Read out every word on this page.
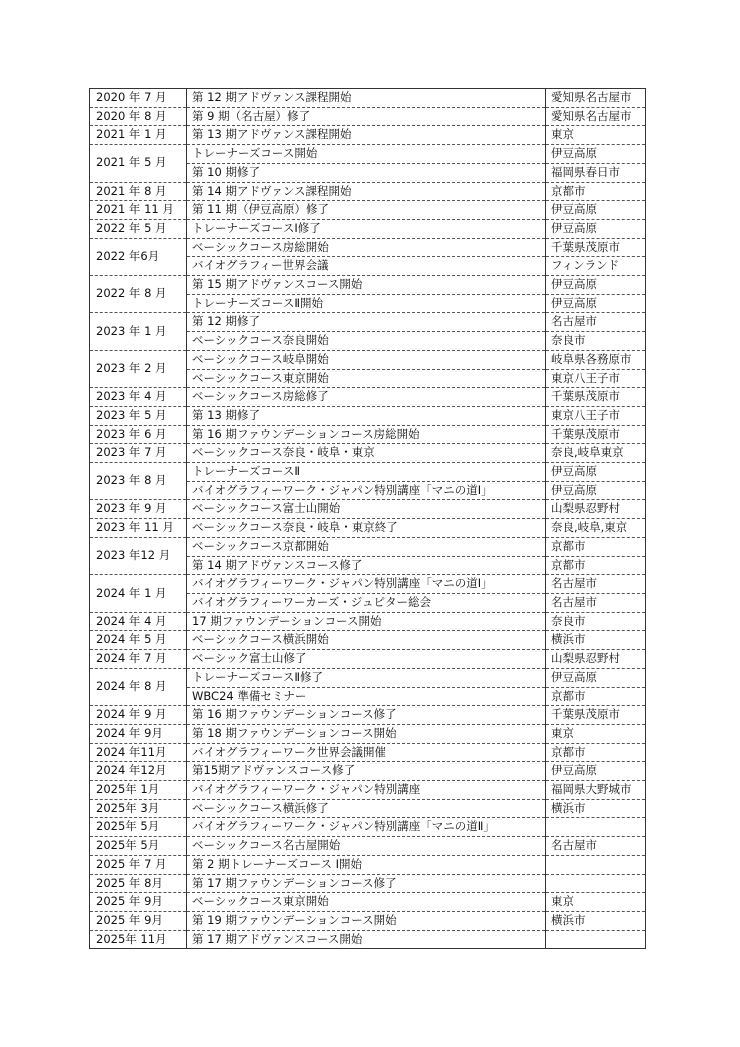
2020 年 7 月	第 12 期アドヴァンス課程開始	愛知県名古屋市
2020 年 8 月	第 9 期（名古屋）修了	愛知県名古屋市
2021 年 1 月	第 13 期アドヴァンス課程開始	東京
2021 年 5 月	トレーナーズコース開始	伊豆高原
	第 10 期修了	福岡県春日市
2021 年 8 月	第 14 期アドヴァンス課程開始	京都市
2021 年 11 月	第 11 期（伊豆高原）修了	伊豆高原
2022 年 5 月	トレーナーズコースⅠ修了	伊豆高原
2022 年6月	ベーシックコース房総開始	千葉県茂原市
	バイオグラフィー世界会議	フィンランド
2022 年 8 月	第 15 期アドヴァンスコース開始	伊豆高原
	トレーナーズコースⅡ開始	伊豆高原
2023 年 1 月	第 12 期修了	名古屋市
	ベーシックコース奈良開始	奈良市
2023 年 2 月	ベーシックコース岐阜開始	岐阜県各務原市
	ベーシックコース東京開始	東京八王子市
2023 年 4 月	ベーシックコース房総修了	千葉県茂原市
2023 年 5 月	第 13 期修了	東京八王子市
2023 年 6 月	第 16 期ファウンデーションコース房総開始	千葉県茂原市
2023 年 7 月	ベーシックコース奈良・岐阜・東京	奈良,岐阜東京
2023 年 8 月	トレーナーズコースⅡ	伊豆高原
	バイオグラフィーワーク・ジャパン特別講座「マニの道Ⅰ」	伊豆高原
2023 年 9 月	ベーシックコース富士山開始	山梨県忍野村
2023 年 11 月	ベーシックコース奈良・岐阜・東京終了	奈良,岐阜,東京
2023 年12 月	ベーシックコース京都開始	京都市
	第 14 期アドヴァンスコース修了	京都市
2024 年 1 月	バイオグラフィーワーク・ジャパン特別講座「マニの道Ⅰ」	名古屋市
	バイオグラフィーワーカーズ・ジュピター総会	名古屋市
2024 年 4 月	17 期ファウンデーションコース開始	奈良市
2024 年 5 月	ベーシックコース横浜開始	横浜市
2024 年 7 月	ベーシック富士山修了	山梨県忍野村
2024 年 8 月	トレーナーズコースⅡ修了	伊豆高原
	WBC24 準備セミナー	京都市
2024 年 9 月	第 16 期ファウンデーションコース修了	千葉県茂原市
2024 年 9月	第 18 期ファウンデーションコース開始	東京
2024 年11月	バイオグラフィーワーク世界会議開催	京都市
2024 年12月	第15期アドヴァンスコース修了	伊豆高原
2025年 1月	バイオグラフィーワーク・ジャパン特別講座	福岡県大野城市
2025年 3月	ベーシックコース横浜修了	横浜市
2025年 5月	バイオグラフィーワーク・ジャパン特別講座「マニの道Ⅱ」	
2025年 5月	ベーシックコース名古屋開始	名古屋市
2025 年 7 月	第 2 期トレーナーズコース Ⅰ開始	
2025 年 8月	第 17 期ファウンデーションコース修了	
2025 年 9月	ベーシックコース東京開始	東京
2025 年 9月	第 19 期ファウンデーションコース開始	横浜市
2025年 11月	第 17 期アドヴァンスコース開始	
